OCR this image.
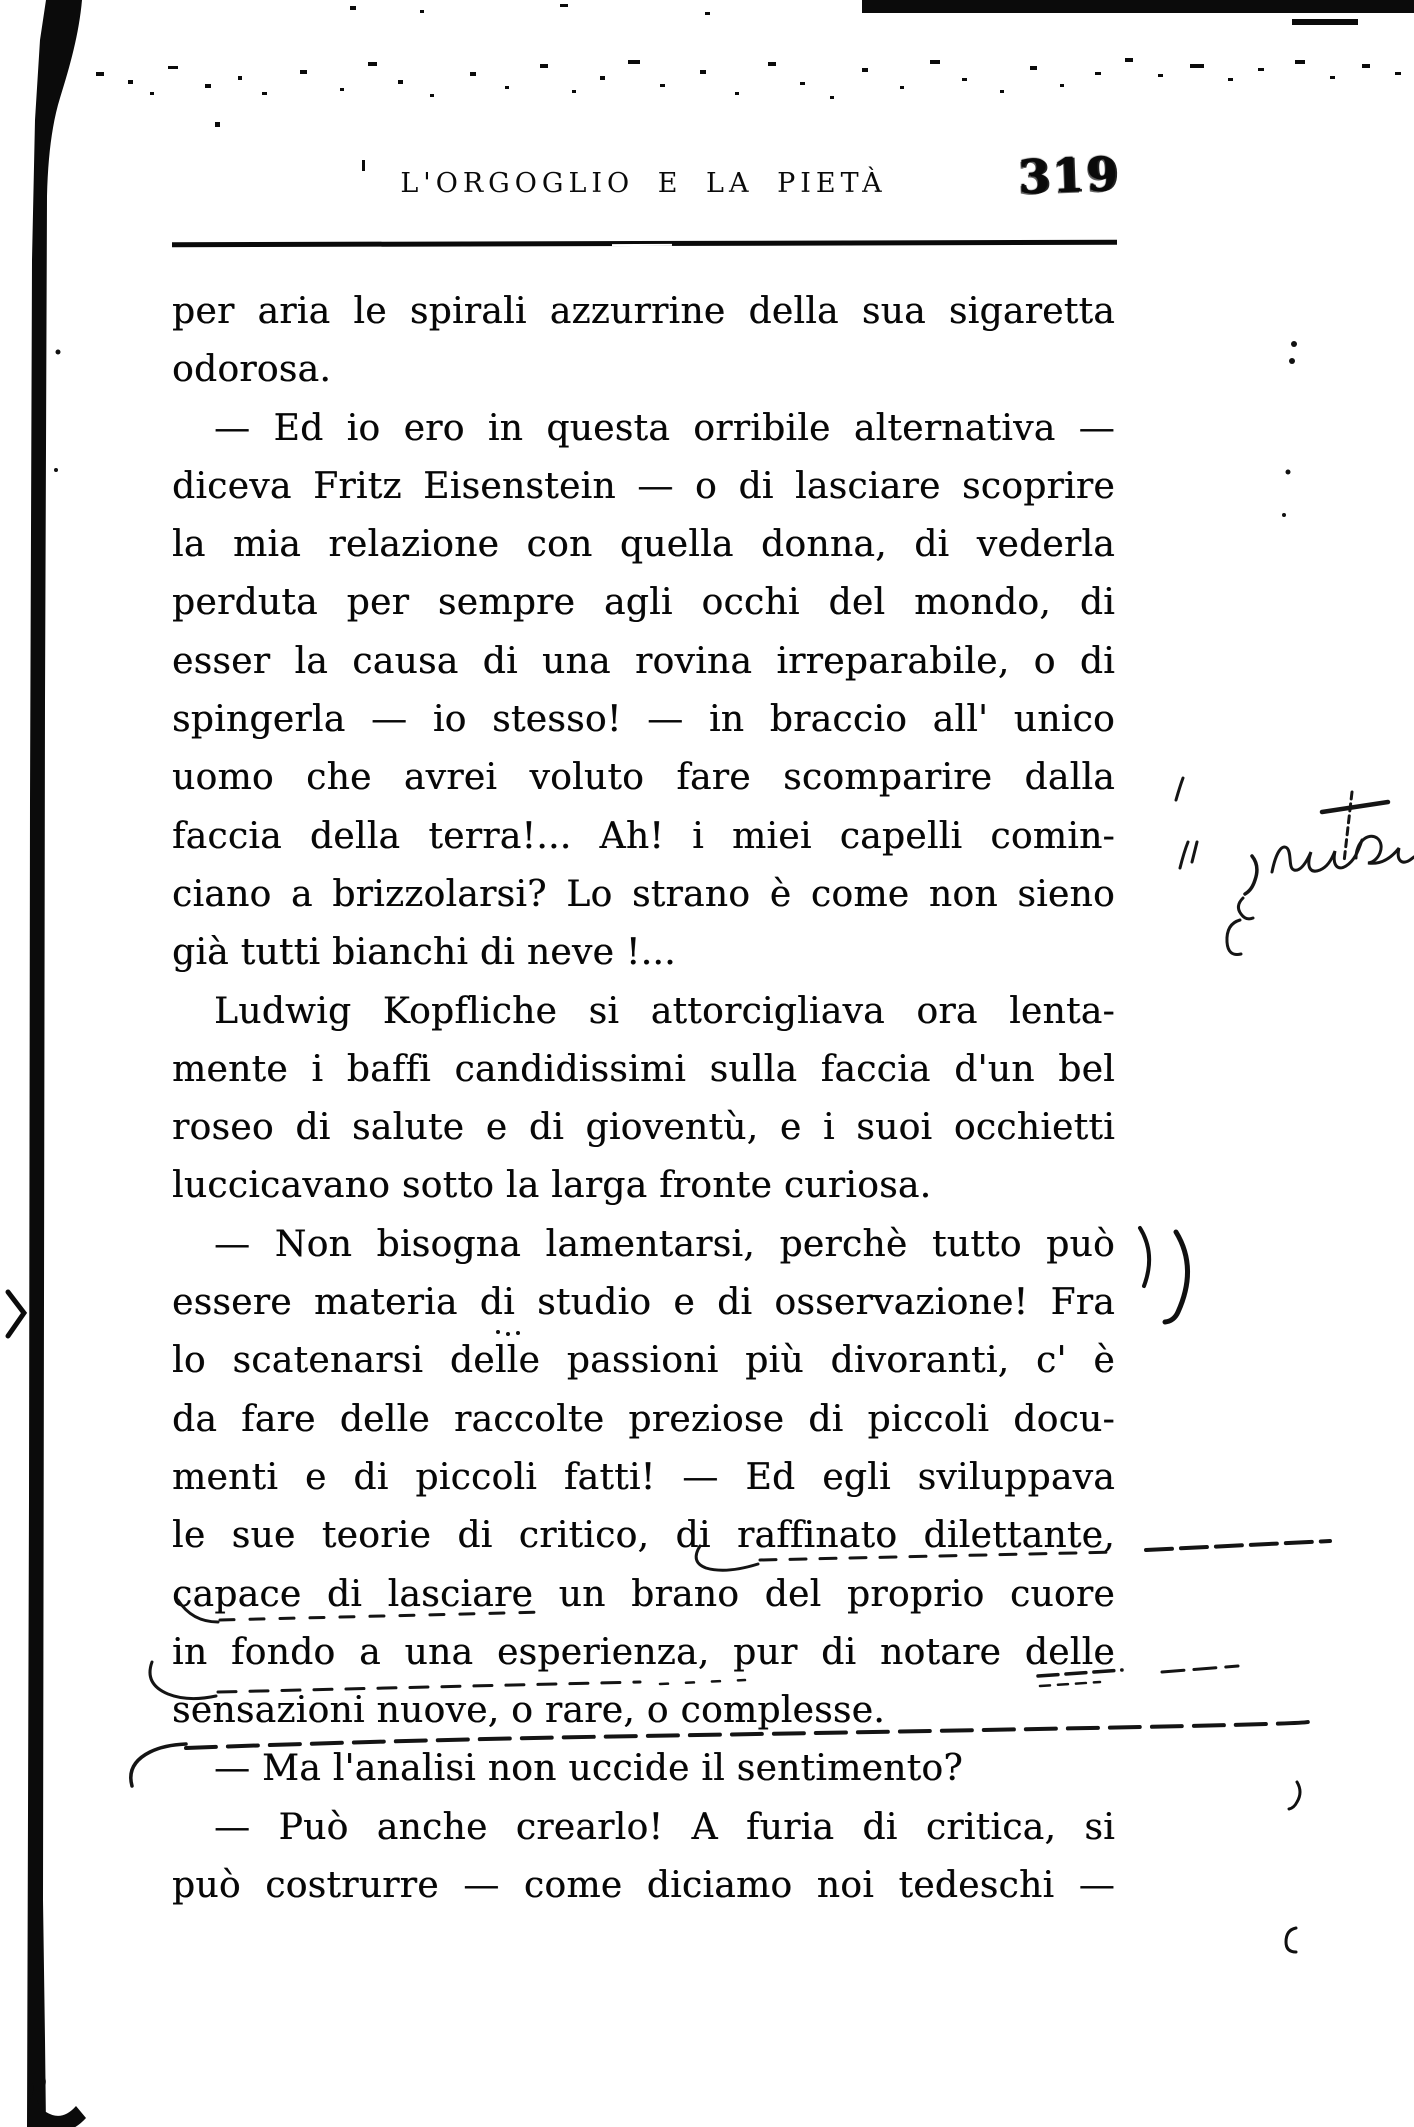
L'ORGOGLIO E LA PIETÀ	319
per aria le spirali azzurrine della sua sigaretta
odorosa.
— Ed io ero in questa orribile alternativa —
diceva Fritz Eisenstein — o di lasciare scoprire
la mia relazione con quella donna, di vederla
perduta per sempre agli occhi del mondo, di
esser la causa di una rovina irreparabile, o di
spingerla — io stesso! — in braccio all' unico
uomo che avrei voluto fare scomparire dalla
faccia della terra!... Ah! i miei capelli comin-
ciano a brizzolarsi? Lo strano è come non sieno
già tutti bianchi di neve !...
Ludwig Kopfliche si attorcigliava ora lenta-
mente i baffi candidissimi sulla faccia d'un bel
roseo di salute e di gioventù, e i suoi occhietti
luccicavano sotto la larga fronte curiosa.
— Non bisogna lamentarsi, perchè tutto può
essere materia di studio e di osservazione! Fra
lo scatenarsi delle passioni più divoranti, c' è
da fare delle raccolte preziose di piccoli docu-
menti e di piccoli fatti! — Ed egli sviluppava
le sue teorie di critico, di raffinato dilettante,
capace di lasciare un brano del proprio cuore
in fondo a una esperienza, pur di notare delle
sensazioni nuove, o rare, o complesse.
— Ma l'analisi non uccide il sentimento?
— Può anche crearlo! A furia di critica, si
può costrurre — come diciamo noi tedeschi —
